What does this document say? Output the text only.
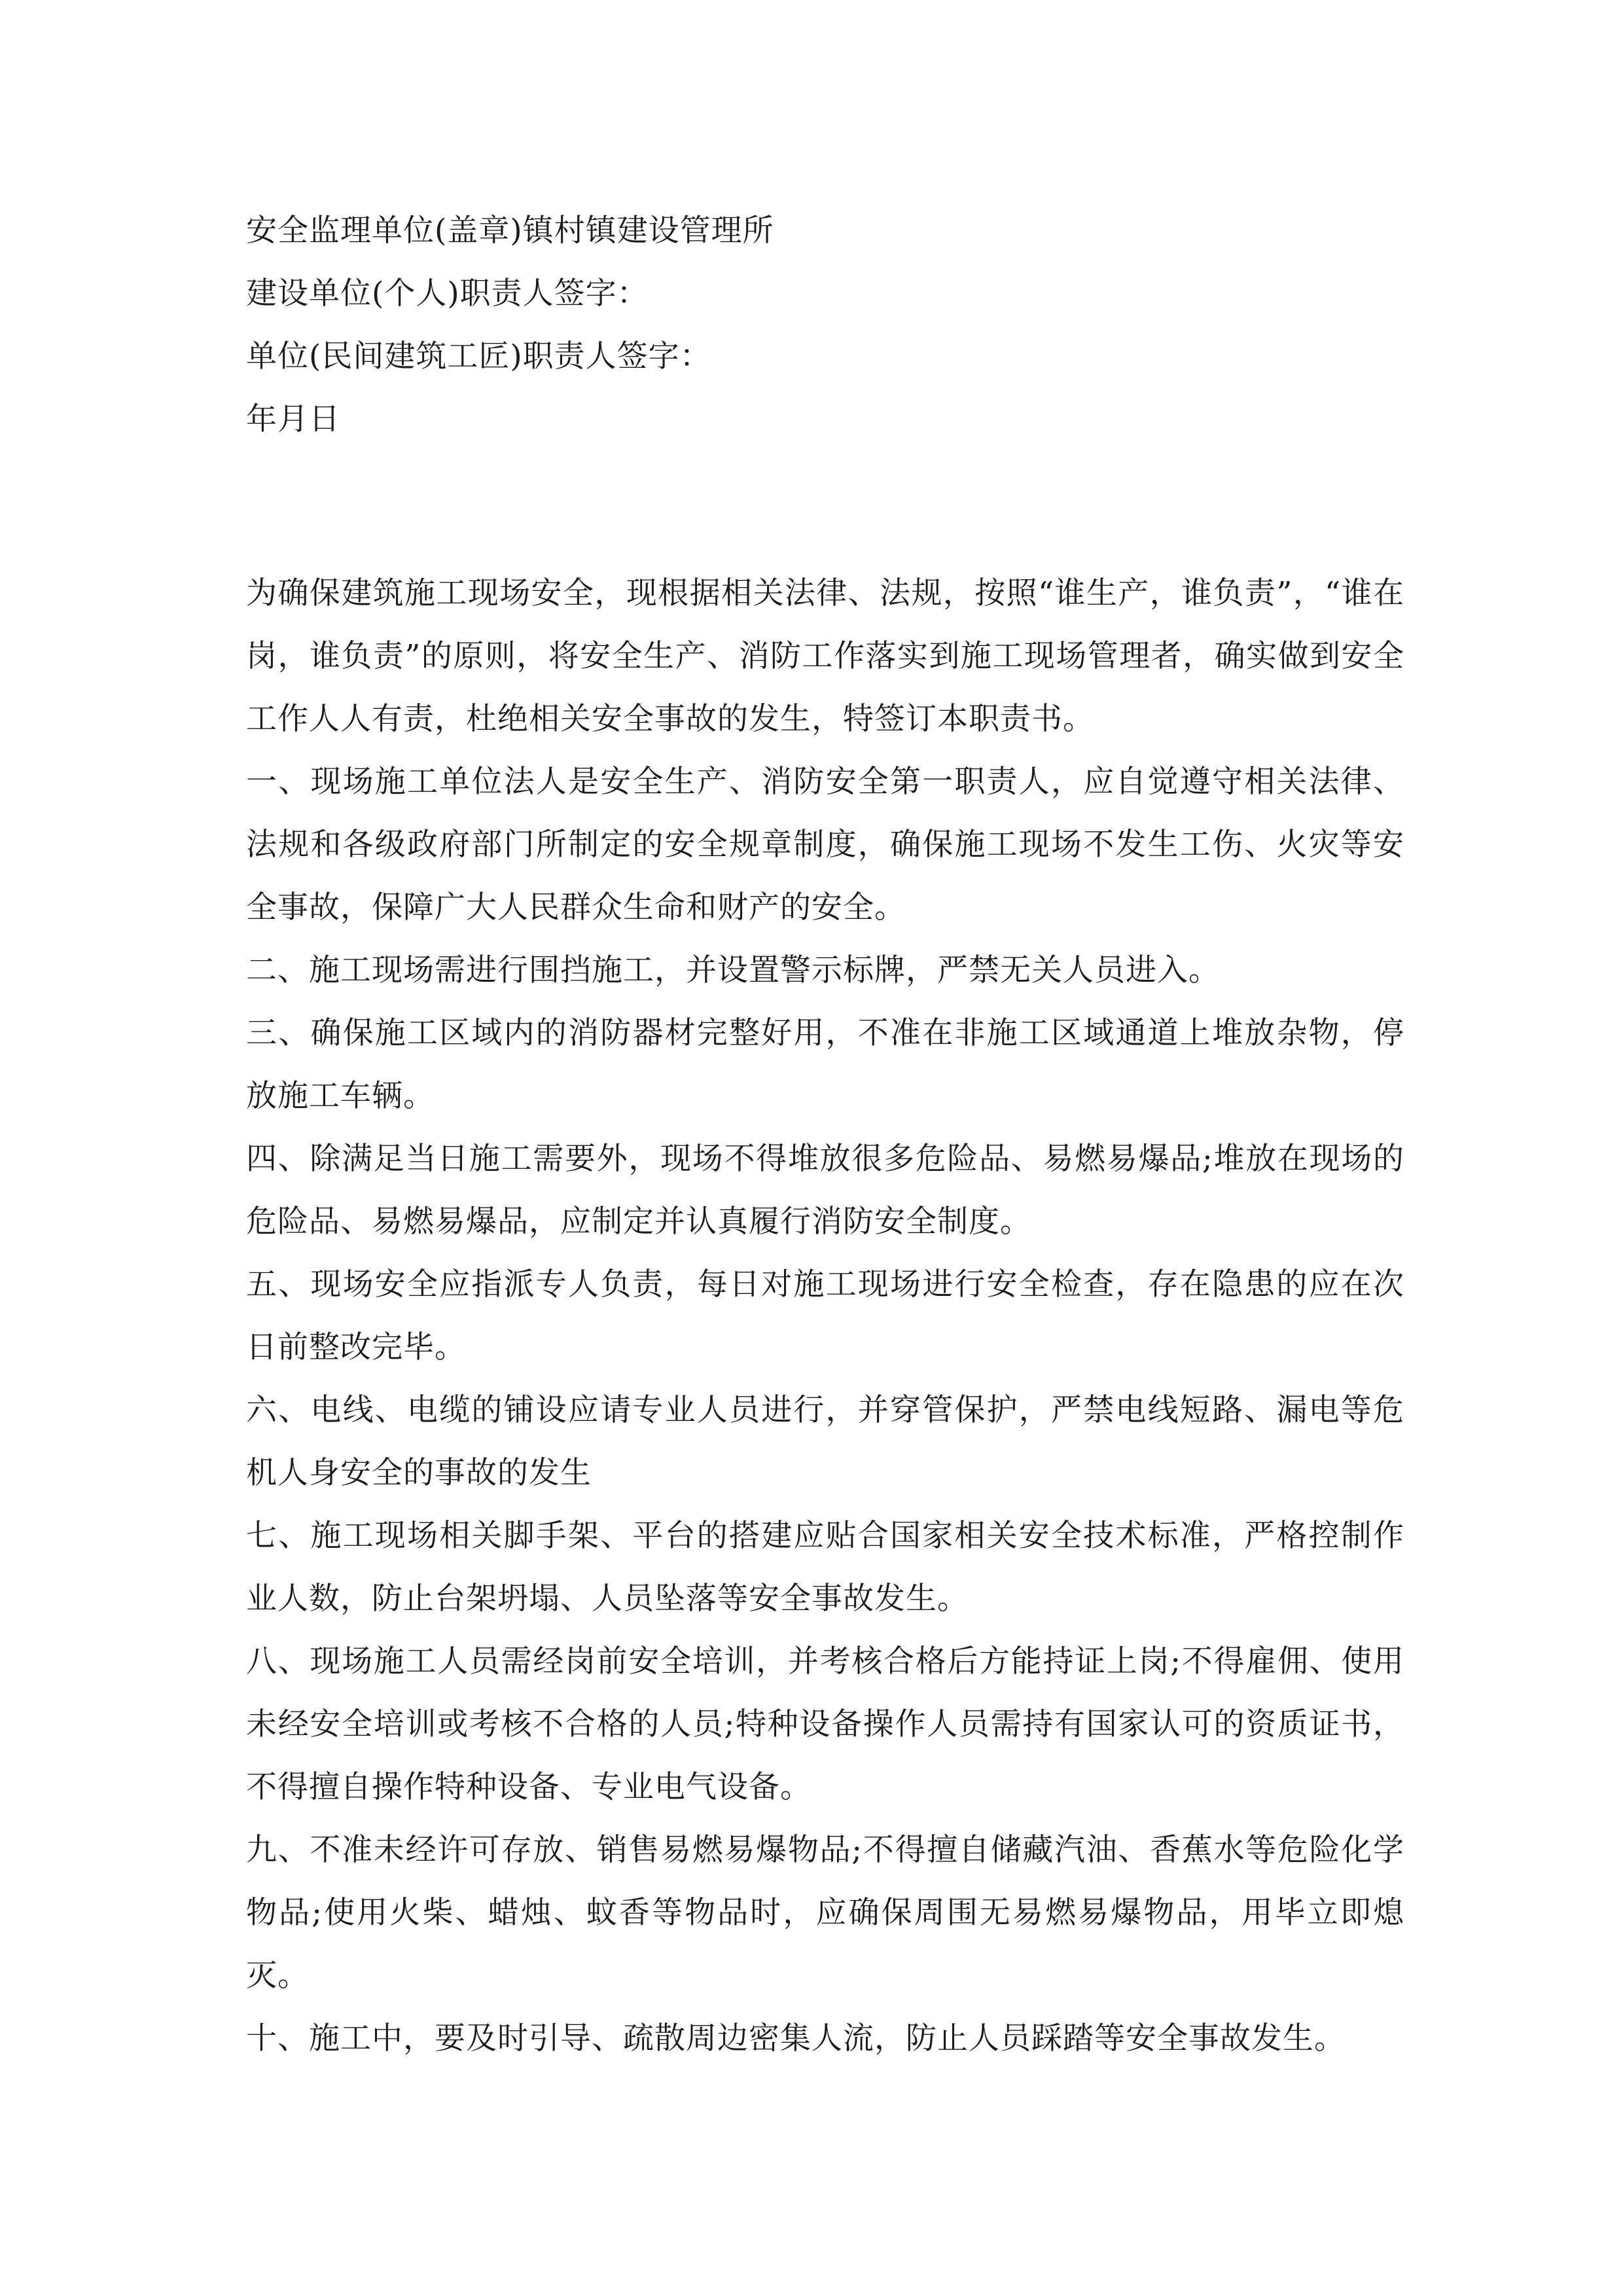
安全监理单位(盖章)镇村镇建设管理所

建设单位(个人)职责人签字：

单位(民间建筑工匠)职责人签字：

年月日

为确保建筑施工现场安全，现根据相关法律、法规，按照“谁生产，谁负责”，“谁在岗，谁负责”的原则，将安全生产、消防工作落实到施工现场管理者，确实做到安全工作人人有责，杜绝相关安全事故的发生，特签订本职责书。

一、现场施工单位法人是安全生产、消防安全第一职责人，应自觉遵守相关法律、法规和各级政府部门所制定的安全规章制度，确保施工现场不发生工伤、火灾等安全事故，保障广大人民群众生命和财产的安全。

二、施工现场需进行围挡施工，并设置警示标牌，严禁无关人员进入。

三、确保施工区域内的消防器材完整好用，不准在非施工区域通道上堆放杂物，停放施工车辆。

四、除满足当日施工需要外，现场不得堆放很多危险品、易燃易爆品;堆放在现场的危险品、易燃易爆品，应制定并认真履行消防安全制度。

五、现场安全应指派专人负责，每日对施工现场进行安全检查，存在隐患的应在次日前整改完毕。

六、电线、电缆的铺设应请专业人员进行，并穿管保护，严禁电线短路、漏电等危机人身安全的事故的发生

七、施工现场相关脚手架、平台的搭建应贴合国家相关安全技术标准，严格控制作业人数，防止台架坍塌、人员坠落等安全事故发生。

八、现场施工人员需经岗前安全培训，并考核合格后方能持证上岗;不得雇佣、使用未经安全培训或考核不合格的人员;特种设备操作人员需持有国家认可的资质证书，不得擅自操作特种设备、专业电气设备。

九、不准未经许可存放、销售易燃易爆物品;不得擅自储藏汽油、香蕉水等危险化学物品;使用火柴、蜡烛、蚊香等物品时，应确保周围无易燃易爆物品，用毕立即熄灭。

十、施工中，要及时引导、疏散周边密集人流，防止人员踩踏等安全事故发生。
